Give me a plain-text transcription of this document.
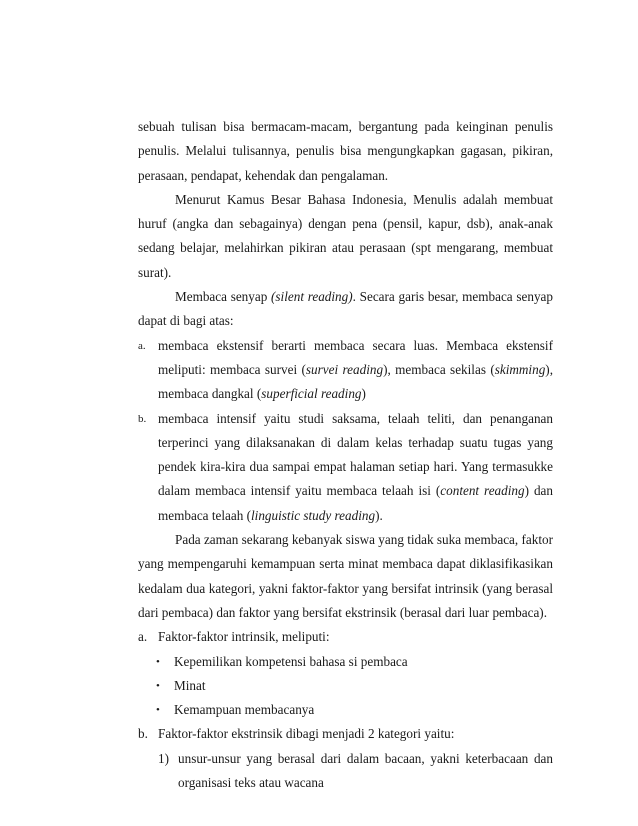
sebuah tulisan bisa bermacam-macam, bergantung pada keinginan penulis penulis. Melalui tulisannya, penulis bisa mengungkapkan gagasan, pikiran, perasaan, pendapat, kehendak dan pengalaman.

Menurut Kamus Besar Bahasa Indonesia, Menulis adalah membuat huruf (angka dan sebagainya) dengan pena (pensil, kapur, dsb), anak-anak sedang belajar, melahirkan pikiran atau perasaan (spt mengarang, membuat surat).

Membaca senyap (silent reading). Secara garis besar, membaca senyap dapat di bagi atas:

a. membaca ekstensif berarti membaca secara luas. Membaca ekstensif meliputi: membaca survei (survei reading), membaca sekilas (skimming), membaca dangkal (superficial reading)
b. membaca intensif yaitu studi saksama, telaah teliti, dan penanganan terperinci yang dilaksanakan di dalam kelas terhadap suatu tugas yang pendek kira-kira dua sampai empat halaman setiap hari. Yang termasukke dalam membaca intensif yaitu membaca telaah isi (content reading) dan membaca telaah (linguistic study reading).

Pada zaman sekarang kebanyak siswa yang tidak suka membaca, faktor yang mempengaruhi kemampuan serta minat membaca dapat diklasifikasikan kedalam dua kategori, yakni faktor-faktor yang bersifat intrinsik (yang berasal dari pembaca) dan faktor yang bersifat ekstrinsik (berasal dari luar pembaca).

a. Faktor-faktor intrinsik, meliputi:
•	Kepemilikan kompetensi bahasa si pembaca
•	Minat
•	Kemampuan membacanya
b. Faktor-faktor ekstrinsik dibagi menjadi 2 kategori yaitu:
1) unsur-unsur yang berasal dari dalam bacaan, yakni keterbacaan dan organisasi teks atau wacana
